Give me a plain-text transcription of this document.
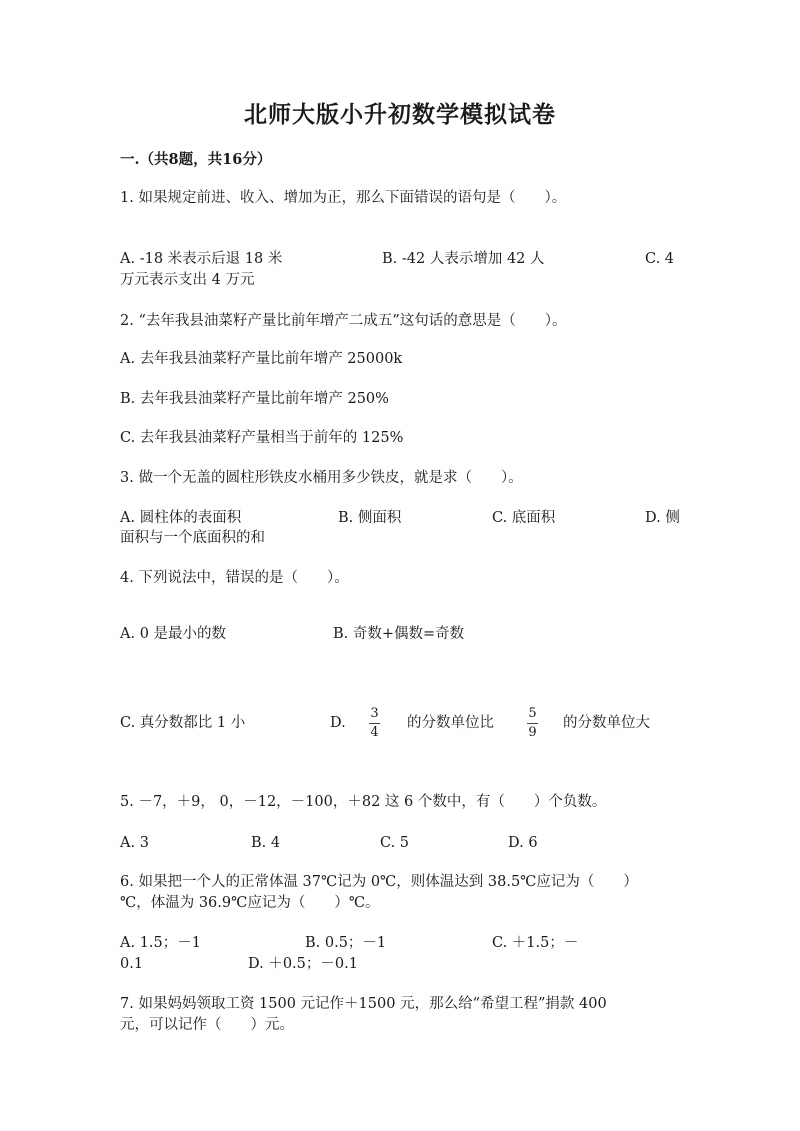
北师大版小升初数学模拟试卷
一.（共8题，共16分）
1. 如果规定前进、收入、增加为正，那么下面错误的语句是（　　）。
A. -18 米表示后退 18 米	B. -42 人表示增加 42 人	C. 4
万元表示支出 4 万元
2. “去年我县油菜籽产量比前年增产二成五”这句话的意思是（　　）。
A. 去年我县油菜籽产量比前年增产 25000k
B. 去年我县油菜籽产量比前年增产 250%
C. 去年我县油菜籽产量相当于前年的 125%
3. 做一个无盖的圆柱形铁皮水桶用多少铁皮，就是求（　　）。
A. 圆柱体的表面积	B. 侧面积	C. 底面积	D. 侧
面积与一个底面积的和
4. 下列说法中，错误的是（　　）。
A. 0 是最小的数	B. 奇数+偶数=奇数
C. 真分数都比 1 小	D.
3
4
的分数单位比
5
9
的分数单位大
5. －7，＋9， 0，－12，－100，＋82 这 6 个数中，有（　　）个负数。
A. 3	B. 4	C. 5	D. 6
6. 如果把一个人的正常体温 37℃记为 0℃，则体温达到 38.5℃应记为（　　）
℃，体温为 36.9℃应记为（　　）℃。
A. 1.5；－1	B. 0.5；－1	C. ＋1.5；－
0.1	D. ＋0.5；－0.1
7. 如果妈妈领取工资 1500 元记作＋1500 元，那么给“希望工程”捐款 400
元，可以记作（　　）元。
